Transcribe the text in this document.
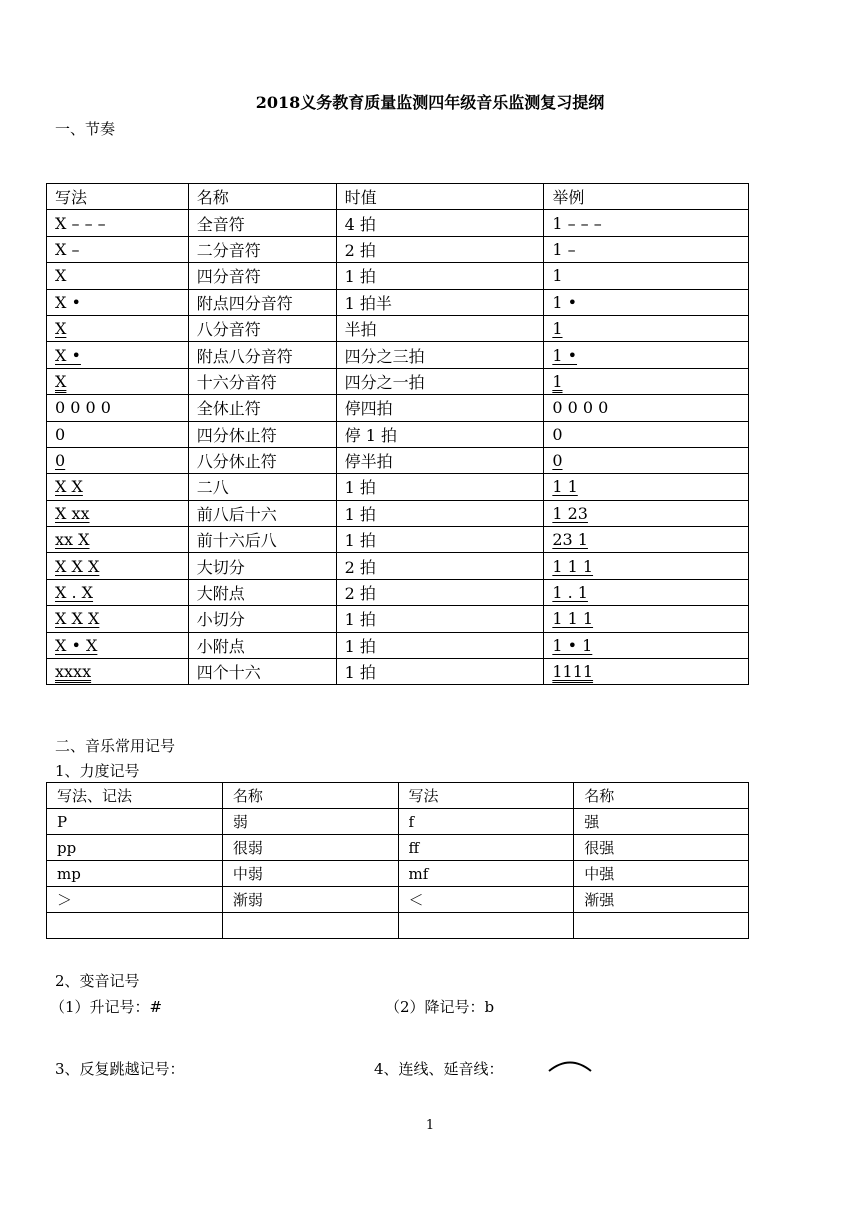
2018义务教育质量监测四年级音乐监测复习提纲
一、节奏
写法	名称	时值	举例
X – – –	全音符	4 拍	1 – – –
X –	二分音符	2 拍	1 –
X	四分音符	1 拍	1
X •	附点四分音符	1 拍半	1 •
X	八分音符	半拍	1
X •	附点八分音符	四分之三拍	1 •
X	十六分音符	四分之一拍	1
0 0 0 0	全休止符	停四拍	0 0 0 0
0	四分休止符	停 1 拍	0
0	八分休止符	停半拍	0
X X	二八	1 拍	1 1
X xx	前八后十六	1 拍	1 23
xx X	前十六后八	1 拍	23 1
X X X	大切分	2 拍	1 1 1
X . X	大附点	2 拍	1 . 1
X X X	小切分	1 拍	1 1 1
X • X	小附点	1 拍	1 • 1
xxxx	四个十六	1 拍	1111
二、音乐常用记号
1、力度记号
写法、记法	名称	写法	名称
P	弱	f	强
pp	很弱	ff	很强
mp	中弱	mf	中强
＞	渐弱	＜	渐强

2、变音记号
（1）升记号：#	（2）降记号：b
3、反复跳越记号：	4、连线、延音线：
1
